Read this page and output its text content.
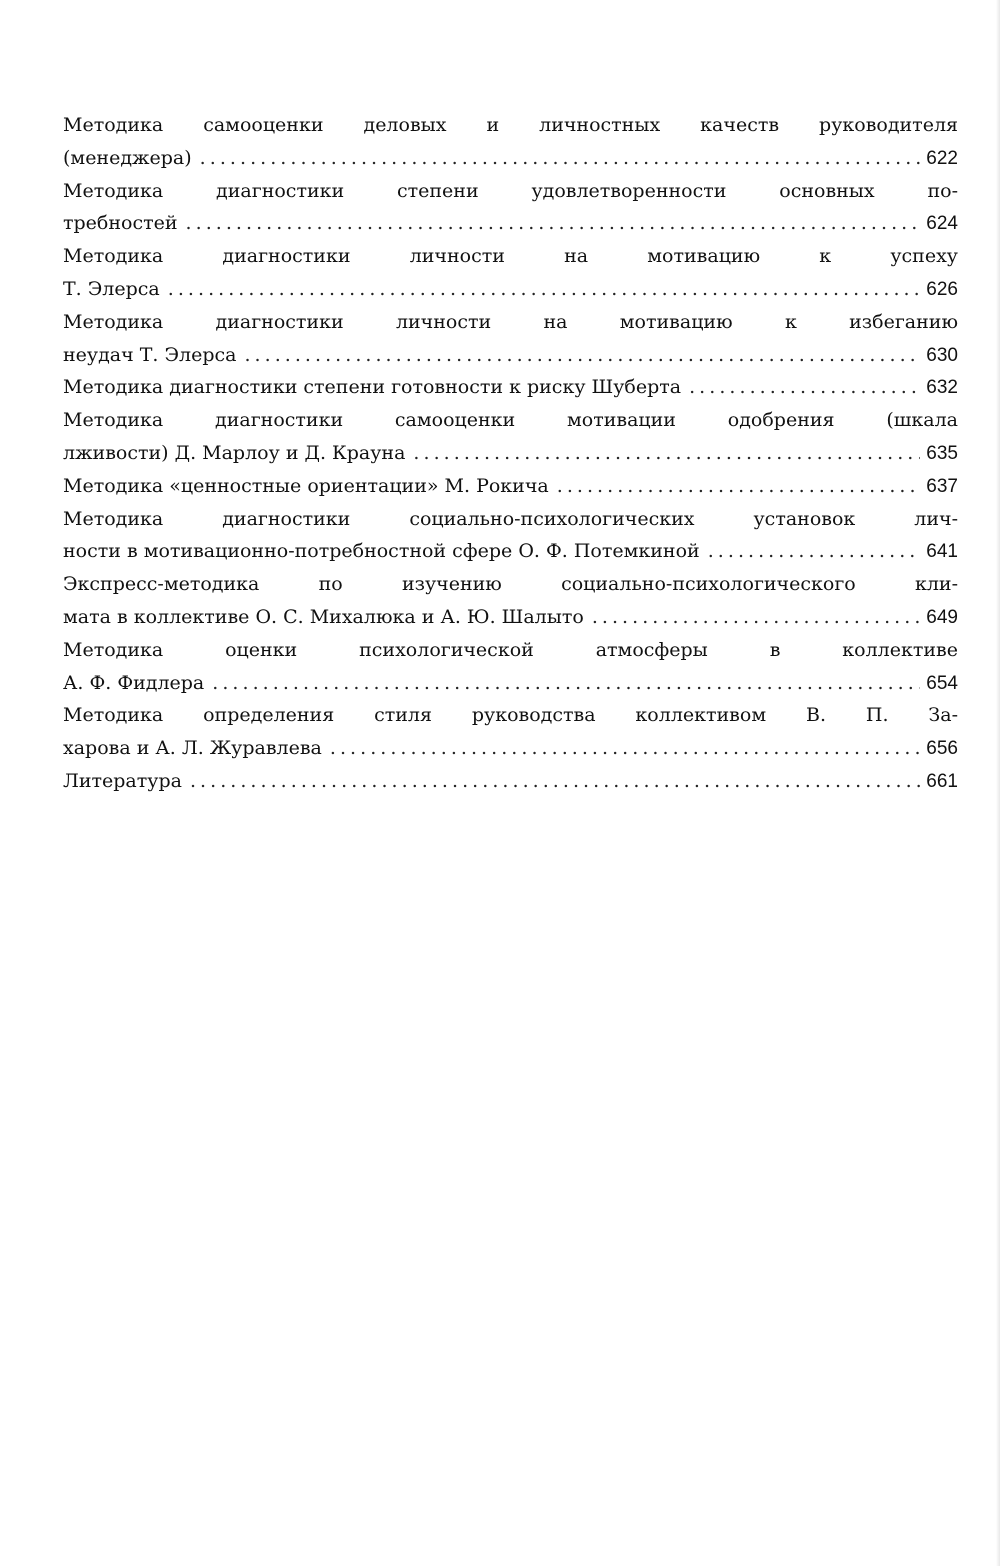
Методика самооценки деловых и личностных качеств руководителя
(менеджера) . . .	622
Методика диагностики степени удовлетворенности основных по-
требностей . . .	624
Методика диагностики личности на мотивацию к успеху
Т. Элерса . . .	626
Методика диагностики личности на мотивацию к избеганию
неудач Т. Элерса . . .	630
Методика диагностики степени готовности к риску Шуберта . . .	632
Методика диагностики самооценки мотивации одобрения (шкала
лживости) Д. Марлоу и Д. Крауна . . .	635
Методика «ценностные ориентации» М. Рокича . . .	637
Методика диагностики социально-психологических установок лич-
ности в мотивационно-потребностной сфере О. Ф. Потемкиной . . .	641
Экспресс-методика по изучению социально-психологического кли-
мата в коллективе О. С. Михалюка и А. Ю. Шалыто . . .	649
Методика оценки психологической атмосферы в коллективе
А. Ф. Фидлера . . .	654
Методика определения стиля руководства коллективом В. П. За-
харова и А. Л. Журавлева . . .	656
Литература . . .	661
